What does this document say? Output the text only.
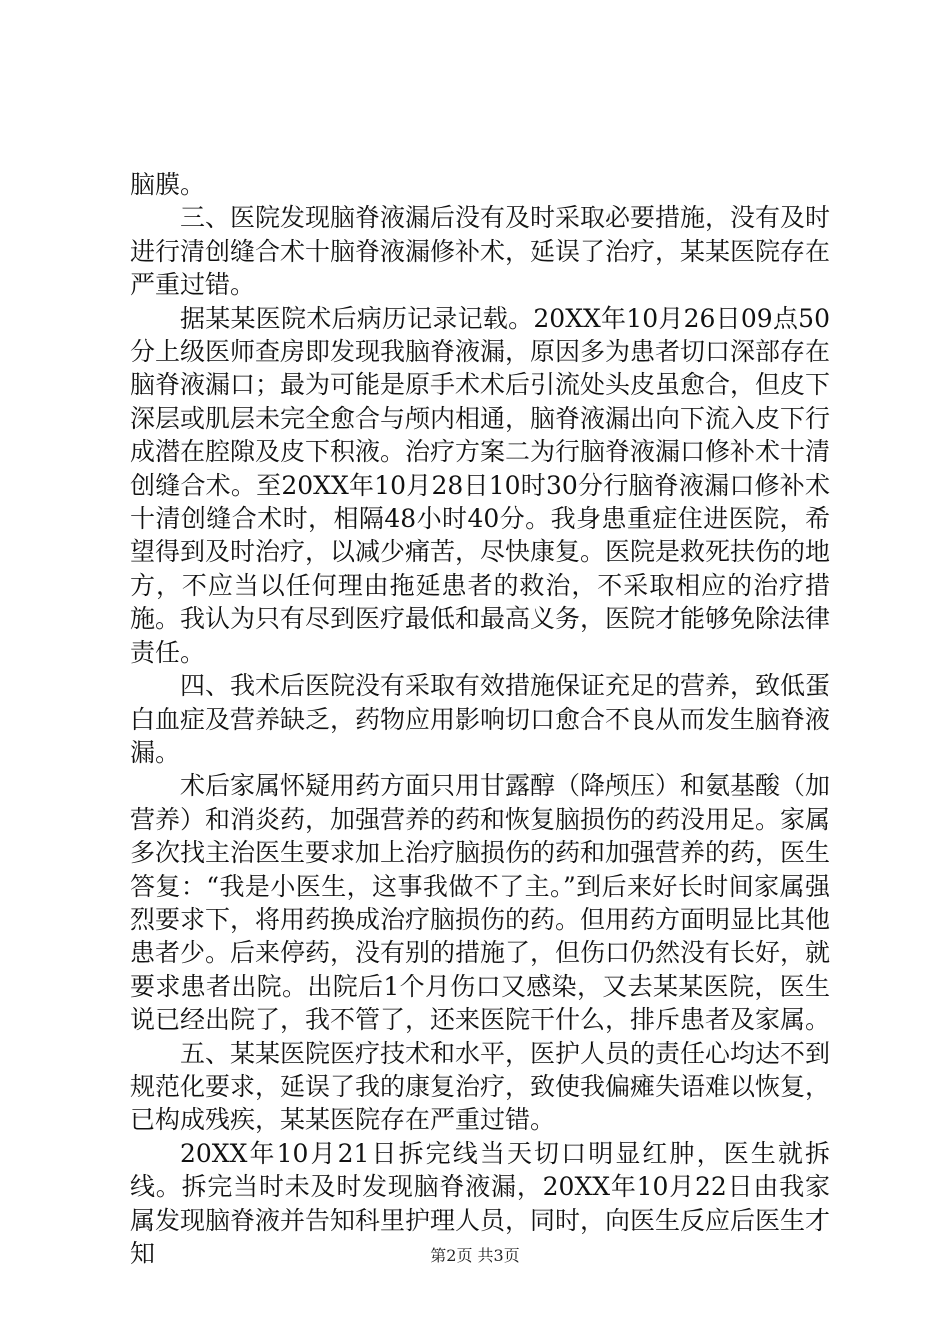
脑膜。

三、医院发现脑脊液漏后没有及时采取必要措施，没有及时进行清创缝合术十脑脊液漏修补术，延误了治疗，某某医院存在严重过错。

据某某医院术后病历记录记载。20XX年10月26日09点50分上级医师查房即发现我脑脊液漏，原因多为患者切口深部存在脑脊液漏口；最为可能是原手术术后引流处头皮虽愈合，但皮下深层或肌层未完全愈合与颅内相通，脑脊液漏出向下流入皮下行成潜在腔隙及皮下积液。治疗方案二为行脑脊液漏口修补术十清创缝合术。至20XX年10月28日10时30分行脑脊液漏口修补术十清创缝合术时，相隔48小时40分。我身患重症住进医院，希望得到及时治疗，以减少痛苦，尽快康复。医院是救死扶伤的地方，不应当以任何理由拖延患者的救治，不采取相应的治疗措施。我认为只有尽到医疗最低和最高义务，医院才能够免除法律责任。

四、我术后医院没有采取有效措施保证充足的营养，致低蛋白血症及营养缺乏，药物应用影响切口愈合不良从而发生脑脊液漏。

术后家属怀疑用药方面只用甘露醇（降颅压）和氨基酸（加营养）和消炎药，加强营养的药和恢复脑损伤的药没用足。家属多次找主治医生要求加上治疗脑损伤的药和加强营养的药，医生答复：“我是小医生，这事我做不了主。”到后来好长时间家属强烈要求下，将用药换成治疗脑损伤的药。但用药方面明显比其他患者少。后来停药，没有别的措施了，但伤口仍然没有长好，就要求患者出院。出院后1个月伤口又感染，又去某某医院，医生说已经出院了，我不管了，还来医院干什么，排斥患者及家属。

五、某某医院医疗技术和水平，医护人员的责任心均达不到规范化要求，延误了我的康复治疗，致使我偏瘫失语难以恢复，已构成残疾，某某医院存在严重过错。

20XX年10月21日拆完线当天切口明显红肿，医生就拆线。拆完当时未及时发现脑脊液漏，20XX年10月22日由我家属发现脑脊液并告知科里护理人员，同时，向医生反应后医生才知	第2页 共3页
